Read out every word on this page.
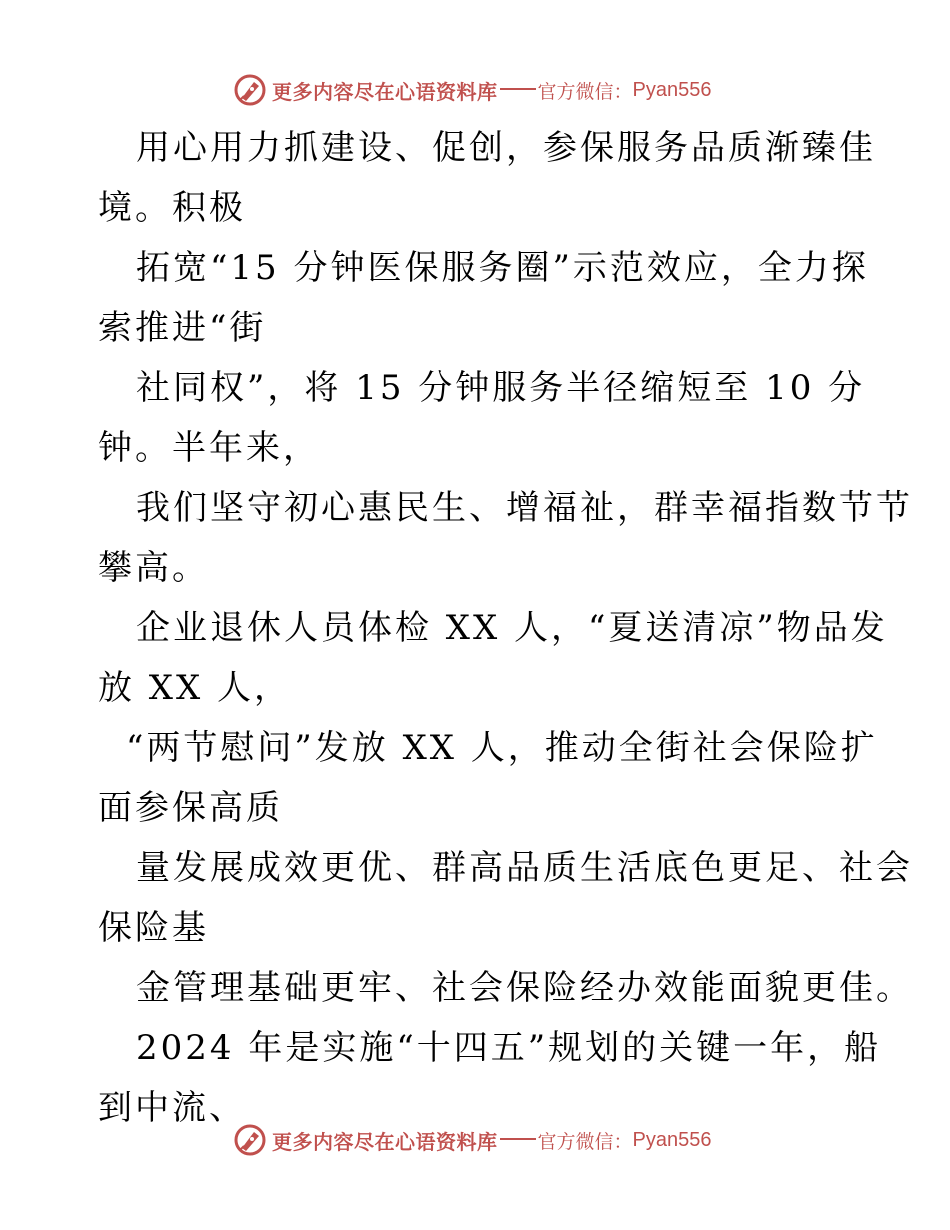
更多内容尽在心语资料库 官方微信： Pyan556
用心用力抓建设、促创，参保服务品质渐臻佳
境。积极
拓宽“15 分钟医保服务圈”示范效应，全力探
索推进“街
社同权”，将 15 分钟服务半径缩短至 10 分
钟。半年来，
我们坚守初心惠民生、增福祉，群幸福指数节节
攀高。
企业退休人员体检 XX 人，“夏送清凉”物品发
放 XX 人，
“两节慰问”发放 XX 人，推动全街社会保险扩
面参保高质
量发展成效更优、群高品质生活底色更足、社会
保险基
金管理基础更牢、社会保险经办效能面貌更佳。
2024 年是实施“十四五”规划的关键一年，船
到中流、
更多内容尽在心语资料库 官方微信： Pyan556
